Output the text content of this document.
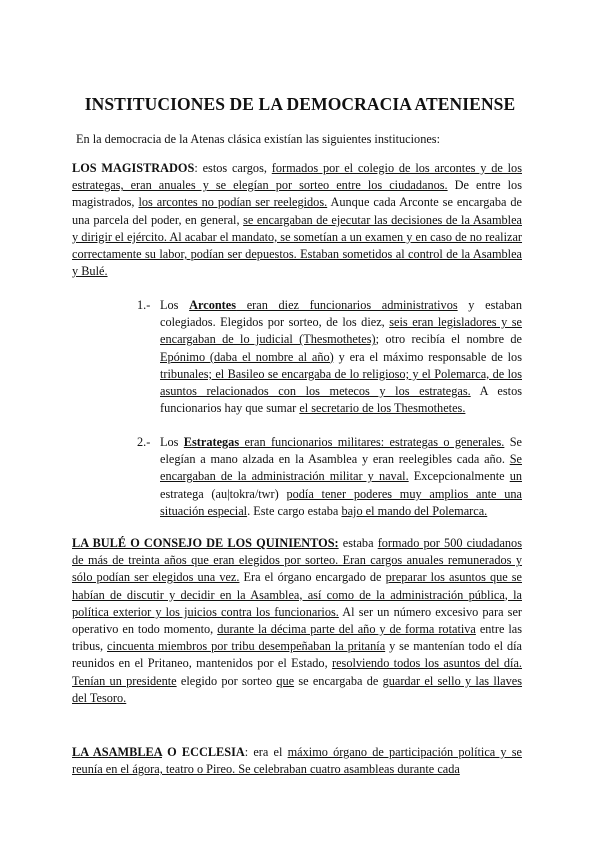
INSTITUCIONES DE LA DEMOCRACIA ATENIENSE

En la democracia de la Atenas clásica existían las siguientes instituciones:

LOS MAGISTRADOS: estos cargos, formados por el colegio de los arcontes y de los estrategas, eran anuales y se elegían por sorteo entre los ciudadanos. De entre los magistrados, los arcontes no podían ser reelegidos. Aunque cada Arconte se encargaba de una parcela del poder, en general, se encargaban de ejecutar las decisiones de la Asamblea y dirigir el ejército. Al acabar el mandato, se sometían a un examen y en caso de no realizar correctamente su labor, podían ser depuestos. Estaban sometidos al control de la Asamblea y Bulé.

1.- Los Arcontes eran diez funcionarios administrativos y estaban colegiados. Elegidos por sorteo, de los diez, seis eran legisladores y se encargaban de lo judicial (Thesmothetes); otro recibía el nombre de Epónimo (daba el nombre al año) y era el máximo responsable de los tribunales; el Basileo se encargaba de lo religioso; y el Polemarca, de los asuntos relacionados con los metecos y los estrategas. A estos funcionarios hay que sumar el secretario de los Thesmothetes.

2.- Los Estrategas eran funcionarios militares: estrategas o generales. Se elegían a mano alzada en la Asamblea y eran reelegibles cada año. Se encargaban de la administración militar y naval. Excepcionalmente un estratega (au|tokra/twr) podía tener poderes muy amplios ante una situación especial. Este cargo estaba bajo el mando del Polemarca.

LA BULÉ O CONSEJO DE LOS QUINIENTOS: estaba formado por 500 ciudadanos de más de treinta años que eran elegidos por sorteo. Eran cargos anuales remunerados y sólo podían ser elegidos una vez. Era el órgano encargado de preparar los asuntos que se habían de discutir y decidir en la Asamblea, así como de la administración pública, la política exterior y los juicios contra los funcionarios. Al ser un número excesivo para ser operativo en todo momento, durante la décima parte del año y de forma rotativa entre las tribus, cincuenta miembros por tribu desempeñaban la pritanía y se mantenían todo el día reunidos en el Pritaneo, mantenidos por el Estado, resolviendo todos los asuntos del día. Tenían un presidente elegido por sorteo que se encargaba de guardar el sello y las llaves del Tesoro.

LA ASAMBLEA O ECCLESIA: era el máximo órgano de participación política y se reunía en el ágora, teatro o Pireo. Se celebraban cuatro asambleas durante cada
